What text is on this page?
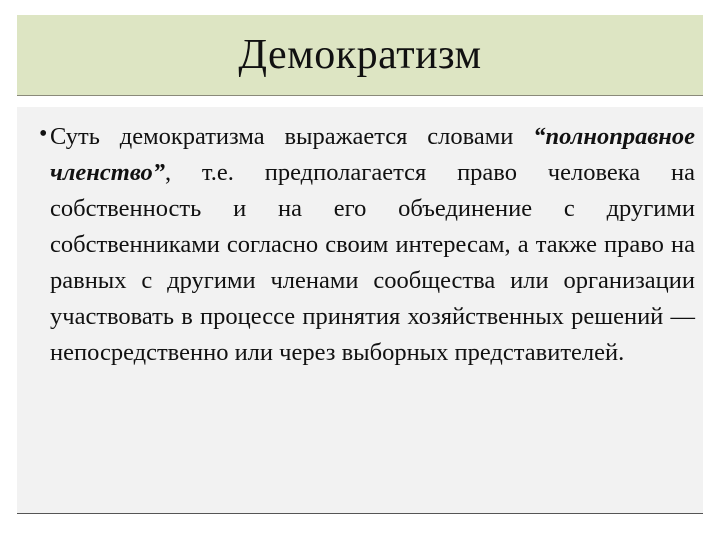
Демократизм
• Суть демократизма выражается словами “полноправное членство”, т.е. предполагается право человека на собственность и на его объединение с другими собственниками согласно своим интересам, а также право на равных с другими членами сообщества или организации участвовать в процессе принятия хозяйственных решений — непосредственно или через выборных представителей.
